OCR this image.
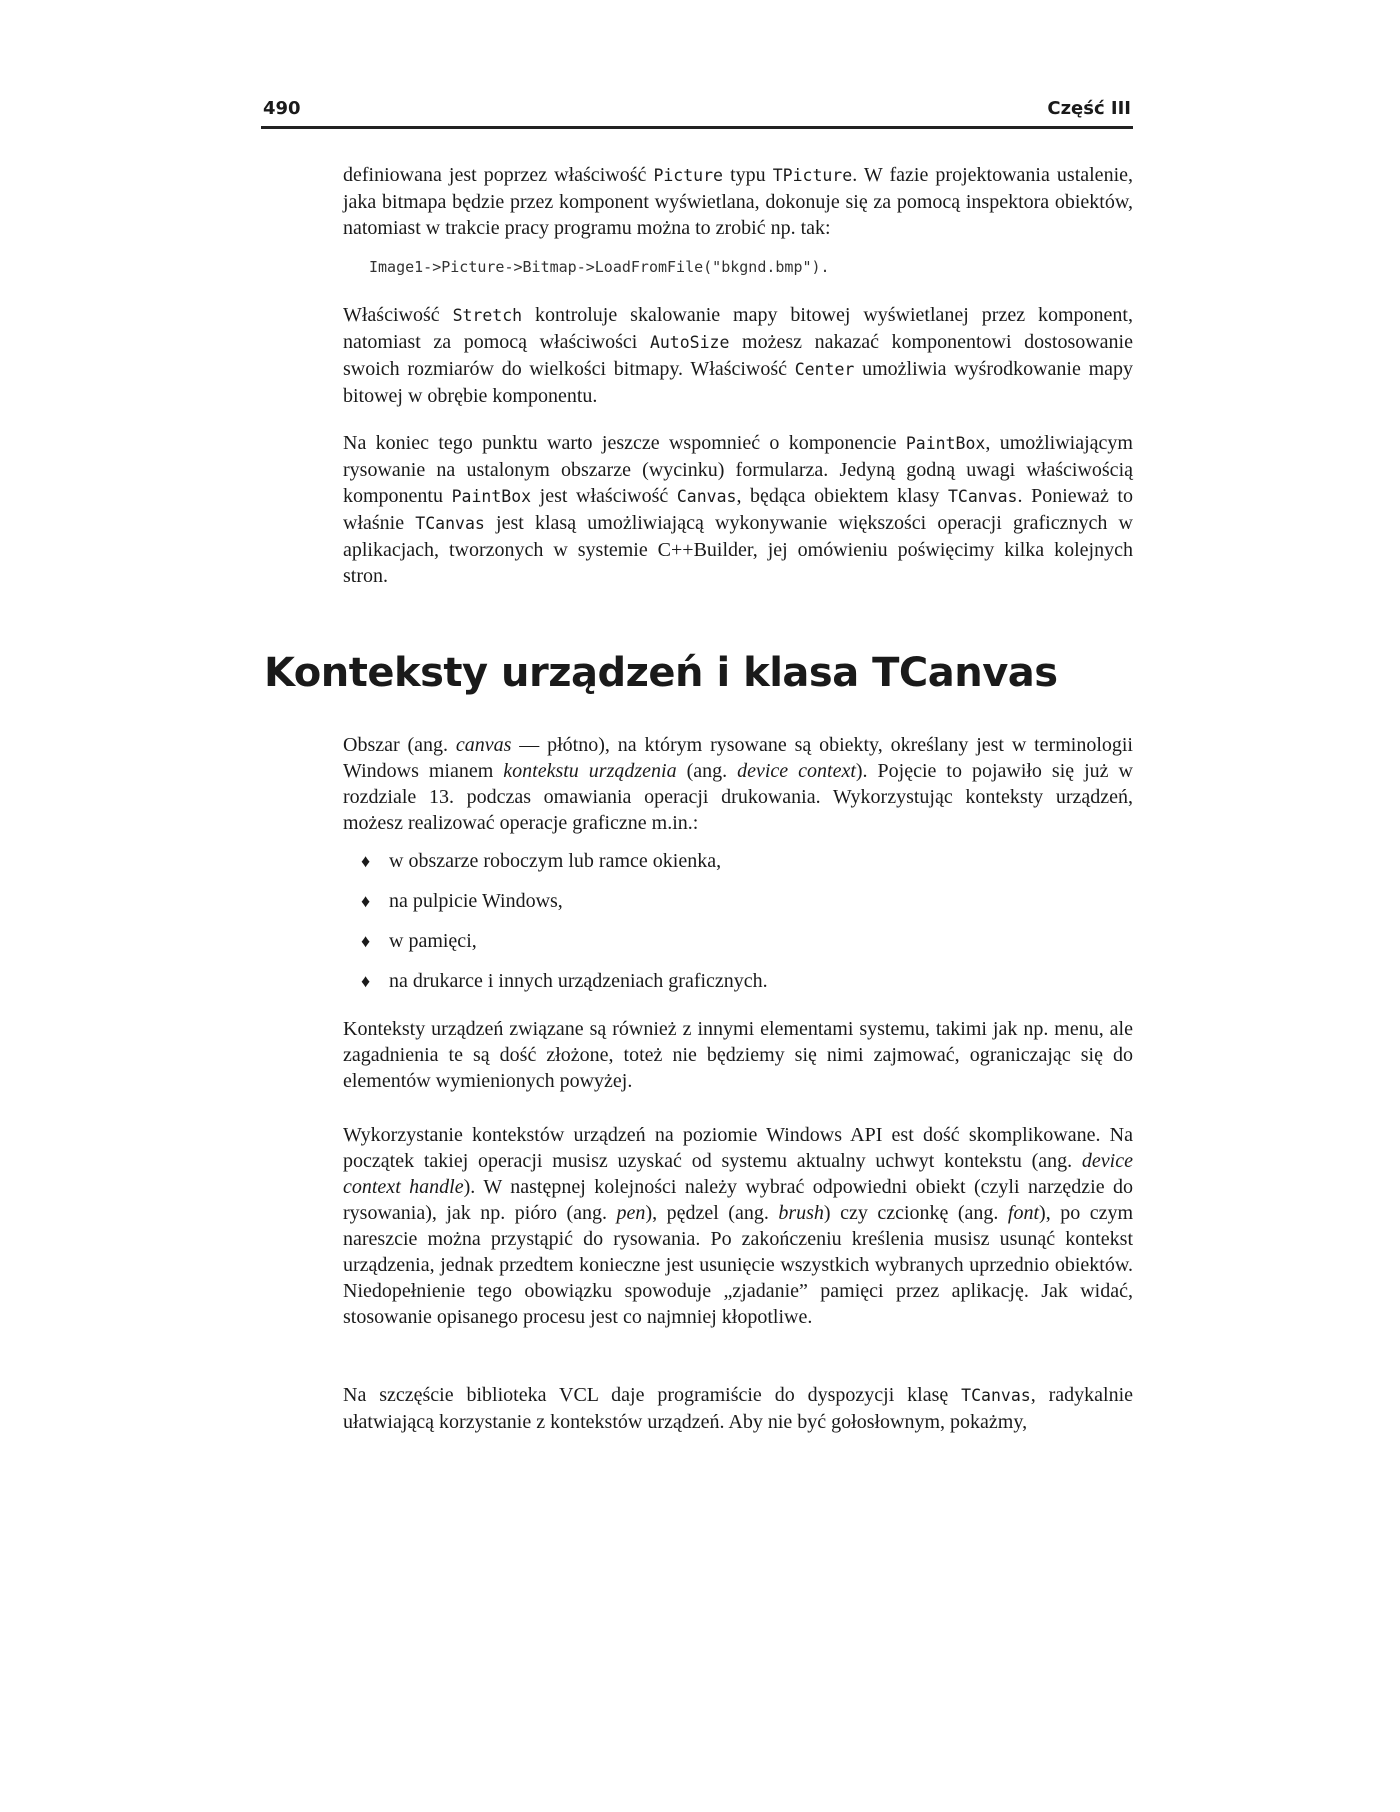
490	Część III

definiowana jest poprzez właściwość Picture typu TPicture. W fazie projektowania ustalenie, jaka bitmapa będzie przez komponent wyświetlana, dokonuje się za pomocą inspektora obiektów, natomiast w trakcie pracy programu można to zrobić np. tak:

Image1->Picture->Bitmap->LoadFromFile("bkgnd.bmp").

Właściwość Stretch kontroluje skalowanie mapy bitowej wyświetlanej przez komponent, natomiast za pomocą właściwości AutoSize możesz nakazać komponentowi dostosowanie swoich rozmiarów do wielkości bitmapy. Właściwość Center umożliwia wyśrodkowanie mapy bitowej w obrębie komponentu.

Na koniec tego punktu warto jeszcze wspomnieć o komponencie PaintBox, umożliwiającym rysowanie na ustalonym obszarze (wycinku) formularza. Jedyną godną uwagi właściwością komponentu PaintBox jest właściwość Canvas, będąca obiektem klasy TCanvas. Ponieważ to właśnie TCanvas jest klasą umożliwiającą wykonywanie większości operacji graficznych w aplikacjach, tworzonych w systemie C++Builder, jej omówieniu poświęcimy kilka kolejnych stron.

Konteksty urządzeń i klasa TCanvas

Obszar (ang. canvas — płótno), na którym rysowane są obiekty, określany jest w terminologii Windows mianem kontekstu urządzenia (ang. device context). Pojęcie to pojawiło się już w rozdziale 13. podczas omawiania operacji drukowania. Wykorzystując konteksty urządzeń, możesz realizować operacje graficzne m.in.:

♦ w obszarze roboczym lub ramce okienka,
♦ na pulpicie Windows,
♦ w pamięci,
♦ na drukarce i innych urządzeniach graficznych.

Konteksty urządzeń związane są również z innymi elementami systemu, takimi jak np. menu, ale zagadnienia te są dość złożone, toteż nie będziemy się nimi zajmować, ograniczając się do elementów wymienionych powyżej.

Wykorzystanie kontekstów urządzeń na poziomie Windows API est dość skomplikowane. Na początek takiej operacji musisz uzyskać od systemu aktualny uchwyt kontekstu (ang. device context handle). W następnej kolejności należy wybrać odpowiedni obiekt (czyli narzędzie do rysowania), jak np. pióro (ang. pen), pędzel (ang. brush) czy czcionkę (ang. font), po czym nareszcie można przystąpić do rysowania. Po zakończeniu kreślenia musisz usunąć kontekst urządzenia, jednak przedtem konieczne jest usunięcie wszystkich wybranych uprzednio obiektów. Niedopełnienie tego obowiązku spowoduje „zjadanie” pamięci przez aplikację. Jak widać, stosowanie opisanego procesu jest co najmniej kłopotliwe.

Na szczęście biblioteka VCL daje programiście do dyspozycji klasę TCanvas, radykalnie ułatwiającą korzystanie z kontekstów urządzeń. Aby nie być gołosłownym, pokażmy,
